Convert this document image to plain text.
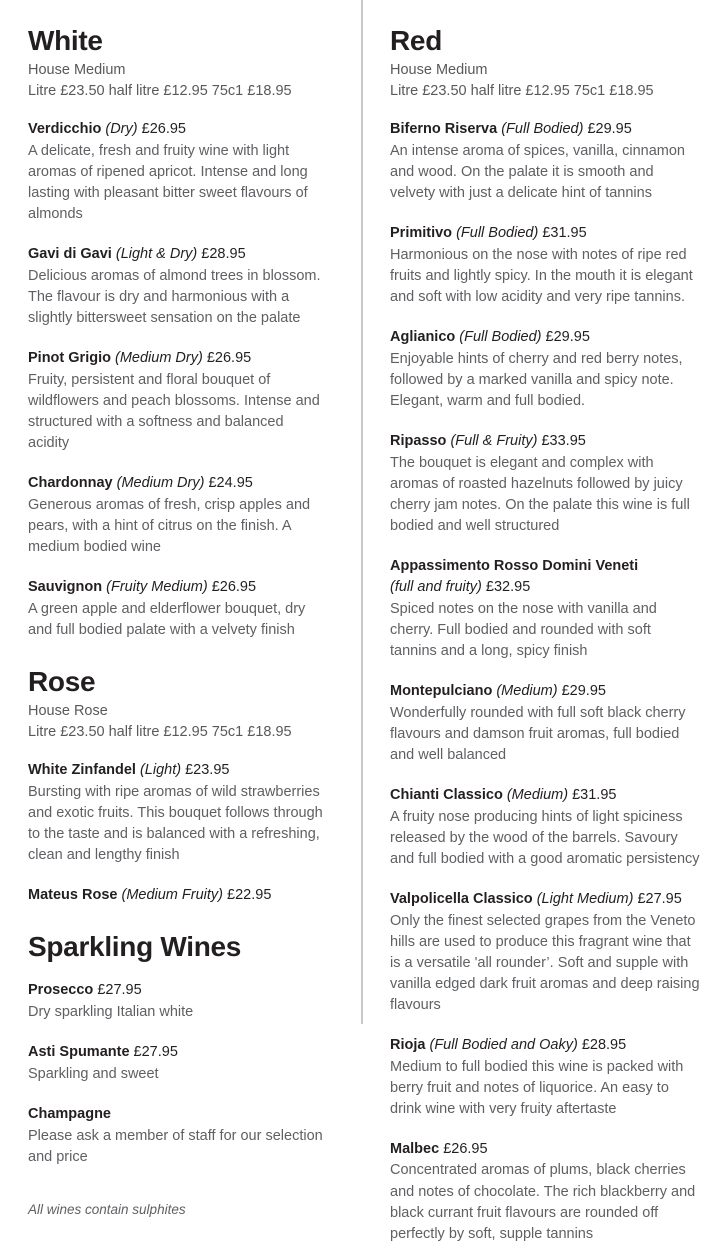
White
House Medium
Litre £23.50 half litre £12.95 75c1 £18.95
Verdicchio (Dry) £26.95
A delicate, fresh and fruity wine with light aromas of ripened apricot. Intense and long lasting with pleasant bitter sweet flavours of almonds
Gavi di Gavi (Light & Dry) £28.95
Delicious aromas of almond trees in blossom. The flavour is dry and harmonious with a slightly bittersweet sensation on the palate
Pinot Grigio (Medium Dry) £26.95
Fruity, persistent and floral bouquet of wildflowers and peach blossoms. Intense and structured with a softness and balanced acidity
Chardonnay (Medium Dry) £24.95
Generous aromas of fresh, crisp apples and pears, with a hint of citrus on the finish. A medium bodied wine
Sauvignon (Fruity Medium) £26.95
A green apple and elderflower bouquet, dry and full bodied palate with a velvety finish
Rose
House Rose
Litre £23.50 half litre £12.95 75c1 £18.95
White Zinfandel (Light) £23.95
Bursting with ripe aromas of wild strawberries and exotic fruits. This bouquet follows through to the taste and is balanced with a refreshing, clean and lengthy finish
Mateus Rose (Medium Fruity) £22.95
Sparkling Wines
Prosecco £27.95
Dry sparkling Italian white
Asti Spumante £27.95
Sparkling and sweet
Champagne
Please ask a member of staff for our selection and price
All wines contain sulphites
Red
House Medium
Litre £23.50 half litre £12.95 75c1 £18.95
Biferno Riserva (Full Bodied) £29.95
An intense aroma of spices, vanilla, cinnamon and wood. On the palate it is smooth and velvety with just a delicate hint of tannins
Primitivo (Full Bodied) £31.95
Harmonious on the nose with notes of ripe red fruits and lightly spicy. In the mouth it is elegant and soft with low acidity and very ripe tannins.
Aglianico (Full Bodied) £29.95
Enjoyable hints of cherry and red berry notes, followed by a marked vanilla and spicy note. Elegant, warm and full bodied.
Ripasso (Full & Fruity) £33.95
The bouquet is elegant and complex with aromas of roasted hazelnuts followed by juicy cherry jam notes. On the palate this wine is full bodied and well structured
Appassimento Rosso Domini Veneti
(full and fruity) £32.95
Spiced notes on the nose with vanilla and cherry. Full bodied and rounded with soft tannins and a long, spicy finish
Montepulciano (Medium) £29.95
Wonderfully rounded with full soft black cherry flavours and damson fruit aromas, full bodied and well balanced
Chianti Classico (Medium) £31.95
A fruity nose producing hints of light spiciness released by the wood of the barrels. Savoury and full bodied with a good aromatic persistency
Valpolicella Classico (Light Medium) £27.95
Only the finest selected grapes from the Veneto hills are used to produce this fragrant wine that is a versatile 'all rounder’. Soft and supple with vanilla edged dark fruit aromas and deep raising flavours
Rioja (Full Bodied and Oaky) £28.95
Medium to full bodied this wine is packed with berry fruit and notes of liquorice. An easy to drink wine with very fruity aftertaste
Malbec £26.95
Concentrated aromas of plums, black cherries and notes of chocolate. The rich blackberry and black currant fruit flavours are rounded off perfectly by soft, supple tannins
